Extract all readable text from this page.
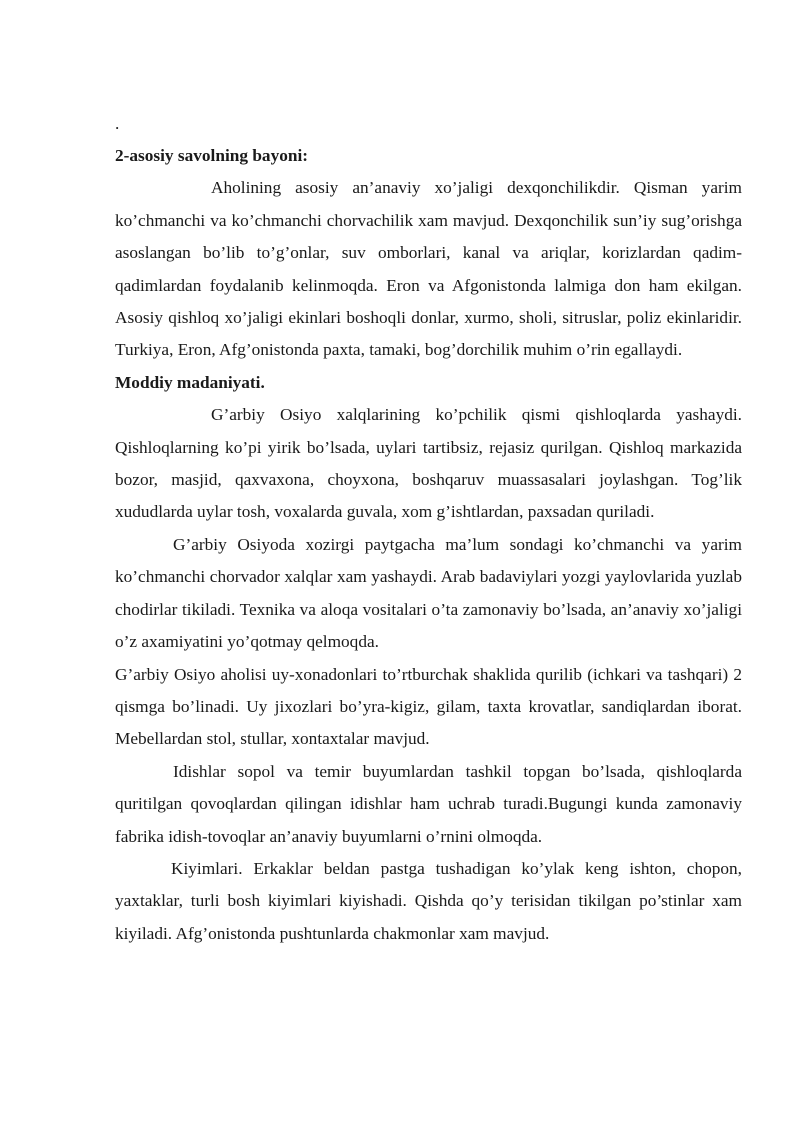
.
2-asosiy savolning bayoni:

Aholining asosiy an’anaviy xo’jaligi dexqonchilikdir. Qisman yarim ko’chmanchi va ko’chmanchi chorvachilik xam mavjud. Dexqonchilik sun’iy sug’orishga asoslangan bo’lib to’g’onlar, suv omborlari, kanal va ariqlar, korizlardan qadim-qadimlardan foydalanib kelinmoqda. Eron va Afgonistonda lalmiga don ham ekilgan. Asosiy qishloq xo’jaligi ekinlari boshoqli donlar, xurmo, sholi, sitruslar, poliz ekinlaridir. Turkiya, Eron, Afg’onistonda paxta, tamaki, bog’dorchilik muhim o’rin egallaydi.

Moddiy madaniyati.

G’arbiy Osiyo xalqlarining ko’pchilik qismi qishloqlarda yashaydi. Qishloqlarning ko’pi yirik bo’lsada, uylari tartibsiz, rejasiz qurilgan. Qishloq markazida bozor, masjid, qaxvaxona, choyxona, boshqaruv muassasalari joylashgan. Tog’lik xududlarda uylar tosh, voxalarda guvala, xom g’ishtlardan, paxsadan quriladi.

G’arbiy Osiyoda xozirgi paytgacha ma’lum sondagi ko’chmanchi va yarim ko’chmanchi chorvador xalqlar xam yashaydi. Arab badaviylari yozgi yaylovlarida yuzlab chodirlar tikiladi. Texnika va aloqa vositalari o’ta zamonaviy bo’lsada, an’anaviy xo’jaligi o’z axamiyatini yo’qotmay qelmoqda.

G’arbiy Osiyo aholisi uy-xonadonlari to’rtburchak shaklida qurilib (ichkari va tashqari) 2 qismga bo’linadi. Uy jixozlari bo’yra-kigiz, gilam, taxta krovatlar, sandiqlardan iborat. Mebellardan stol, stullar, xontaxtalar mavjud.

Idishlar sopol va temir buyumlardan tashkil topgan bo’lsada, qishloqlarda quritilgan qovoqlardan qilingan idishlar ham uchrab turadi.Bugungi kunda zamonaviy fabrika idish-tovoqlar an’anaviy buyumlarni o’rnini olmoqda.

Kiyimlari. Erkaklar beldan pastga tushadigan ko’ylak keng ishton, chopon, yaxtaklar, turli bosh kiyimlari kiyishadi. Qishda qo’y terisidan tikilgan po’stinlar xam kiyiladi. Afg’onistonda pushtunlarda chakmonlar xam mavjud.
